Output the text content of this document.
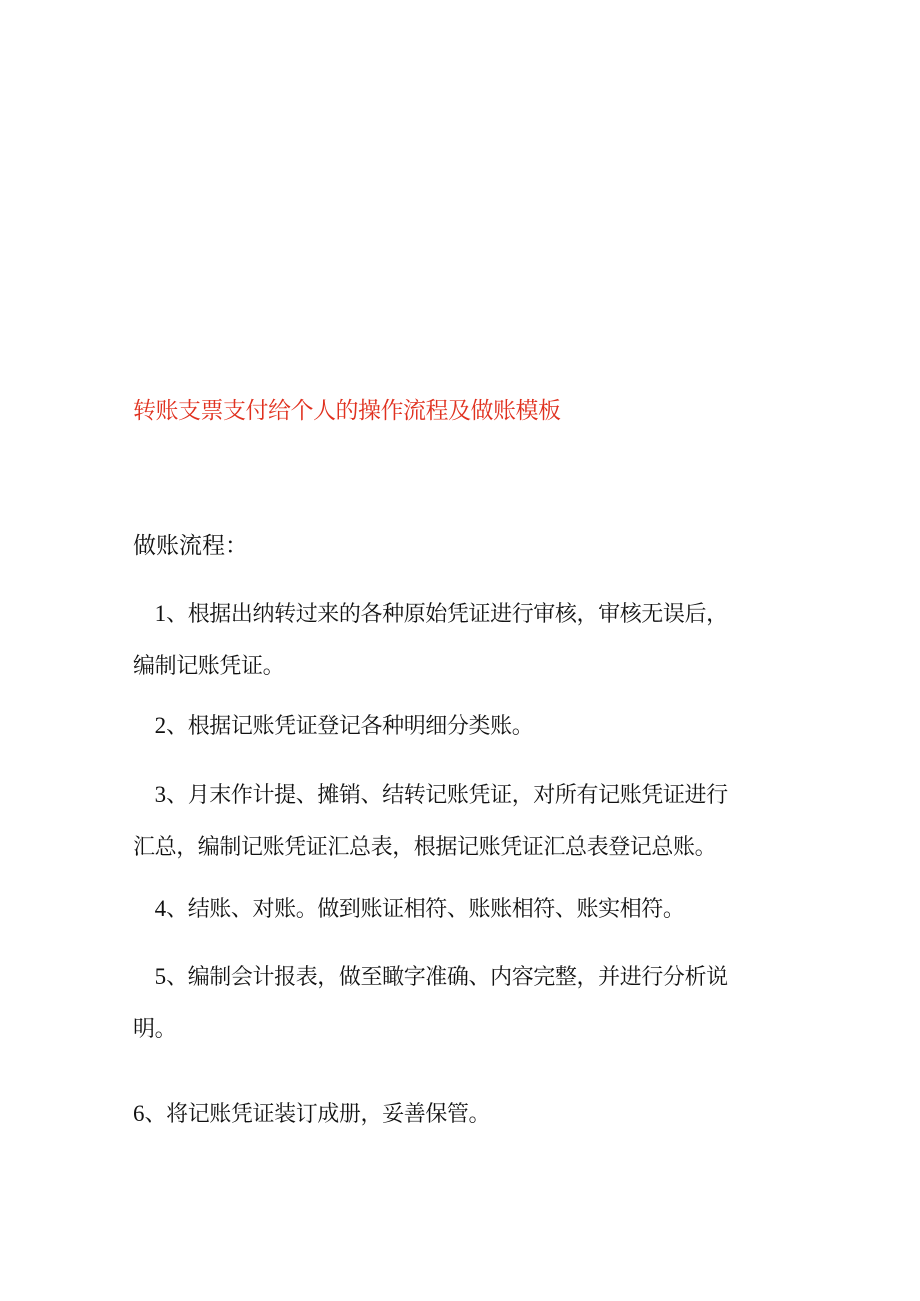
转账支票支付给个人的操作流程及做账模板
做账流程：

　1、根据出纳转过来的各种原始凭证进行审核，审核无误后，
编制记账凭证。

　2、根据记账凭证登记各种明细分类账。

　3、月末作计提、摊销、结转记账凭证，对所有记账凭证进行
汇总，编制记账凭证汇总表，根据记账凭证汇总表登记总账。

　4、结账、对账。做到账证相符、账账相符、账实相符。

　5、编制会计报表，做至瞰字准确、内容完整，并进行分析说
明。

6、将记账凭证装订成册，妥善保管。
